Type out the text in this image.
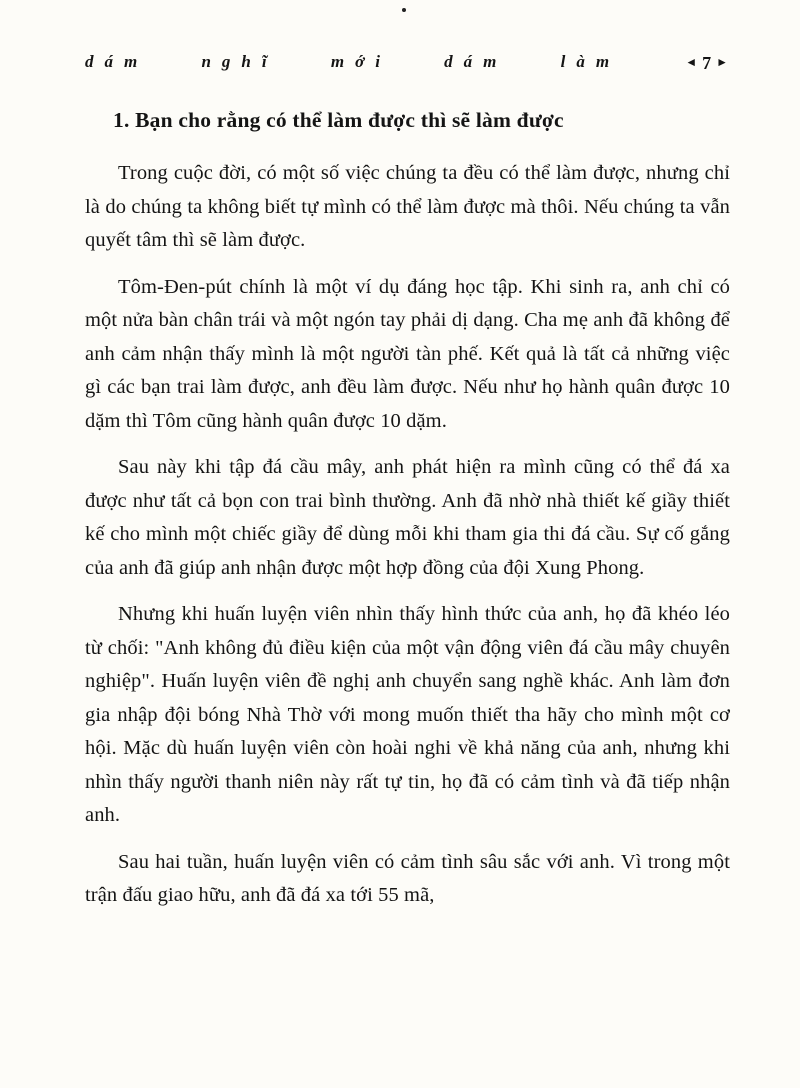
dám nghĩ mới dám làm	◄ 7 ►
1. Bạn cho rằng có thể làm được thì sẽ làm được

Trong cuộc đời, có một số việc chúng ta đều có thể làm được, nhưng chỉ là do chúng ta không biết tự mình có thể làm được mà thôi. Nếu chúng ta vẫn quyết tâm thì sẽ làm được.

Tôm-Đen-pút chính là một ví dụ đáng học tập. Khi sinh ra, anh chỉ có một nửa bàn chân trái và một ngón tay phải dị dạng. Cha mẹ anh đã không để anh cảm nhận thấy mình là một người tàn phế. Kết quả là tất cả những việc gì các bạn trai làm được, anh đều làm được. Nếu như họ hành quân được 10 dặm thì Tôm cũng hành quân được 10 dặm.

Sau này khi tập đá cầu mây, anh phát hiện ra mình cũng có thể đá xa được như tất cả bọn con trai bình thường. Anh đã nhờ nhà thiết kế giầy thiết kế cho mình một chiếc giầy để dùng mỗi khi tham gia thi đá cầu. Sự cố gắng của anh đã giúp anh nhận được một hợp đồng của đội Xung Phong.

Nhưng khi huấn luyện viên nhìn thấy hình thức của anh, họ đã khéo léo từ chối: "Anh không đủ điều kiện của một vận động viên đá cầu mây chuyên nghiệp". Huấn luyện viên đề nghị anh chuyển sang nghề khác. Anh làm đơn gia nhập đội bóng Nhà Thờ với mong muốn thiết tha hãy cho mình một cơ hội. Mặc dù huấn luyện viên còn hoài nghi về khả năng của anh, nhưng khi nhìn thấy người thanh niên này rất tự tin, họ đã có cảm tình và đã tiếp nhận anh.

Sau hai tuần, huấn luyện viên có cảm tình sâu sắc với anh. Vì trong một trận đấu giao hữu, anh đã đá xa tới 55 mã,
